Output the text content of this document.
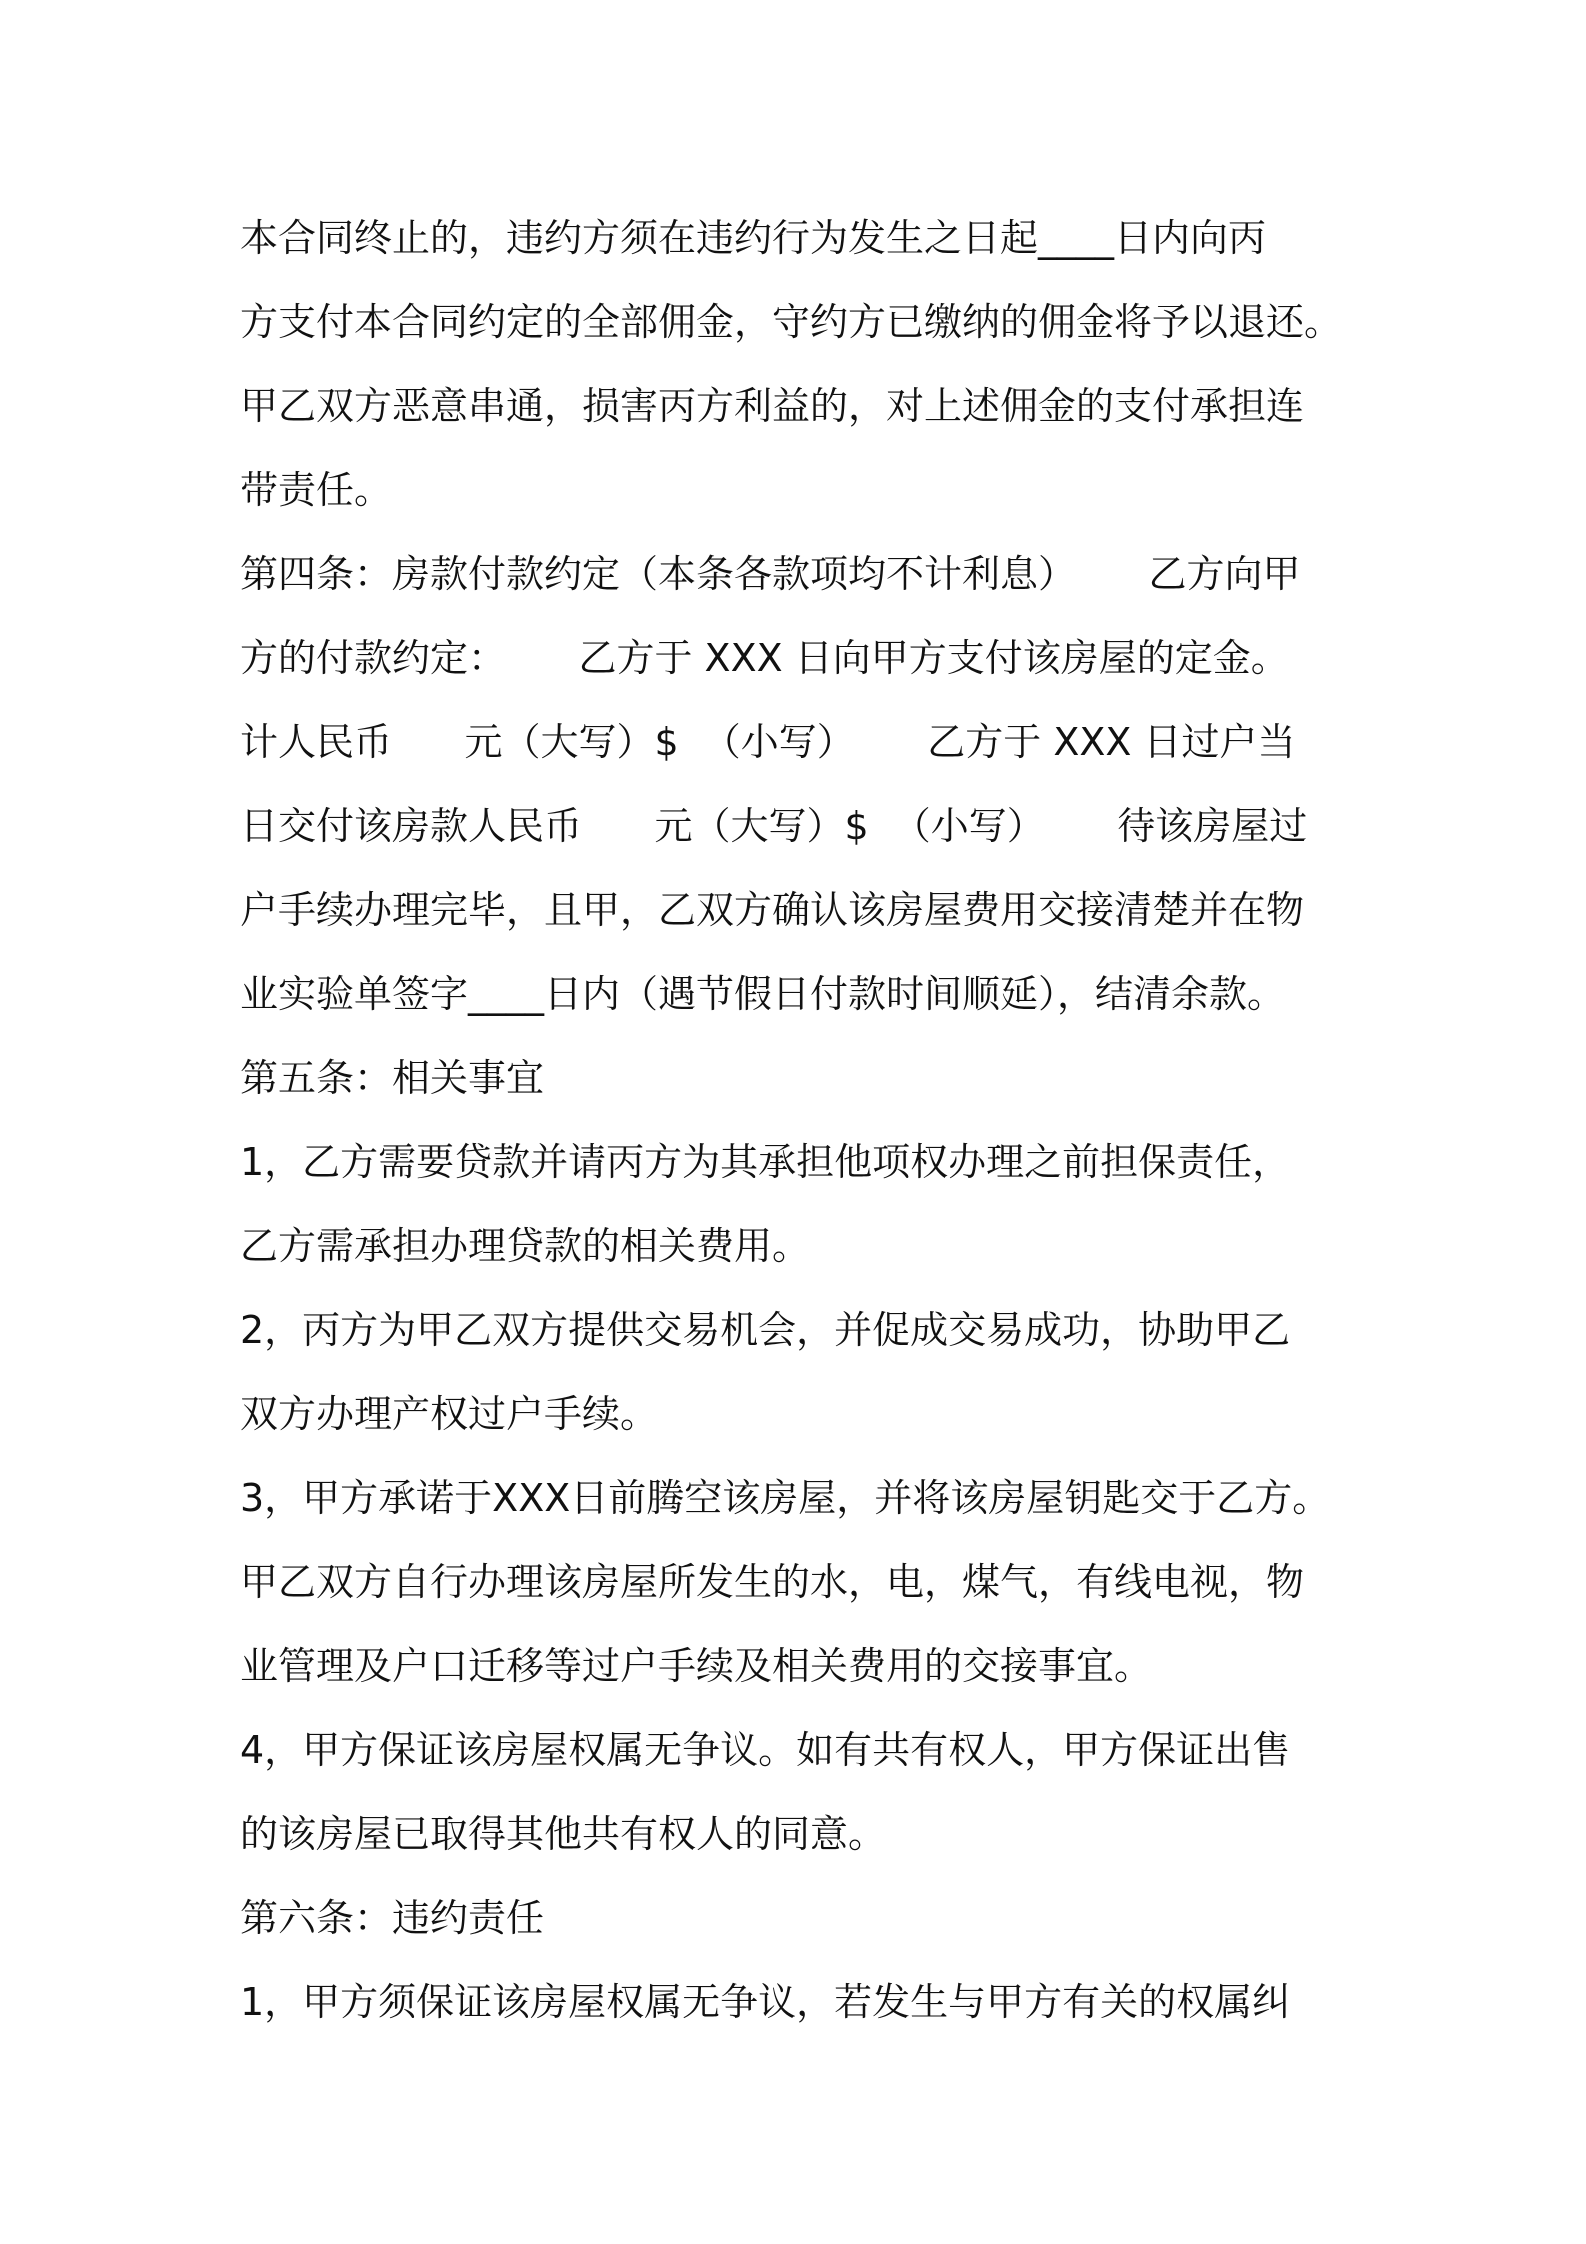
本合同终止的，违约方须在违约行为发生之日起____日内向丙
方支付本合同约定的全部佣金，守约方已缴纳的佣金将予以退还。
甲乙双方恶意串通，损害丙方利益的，对上述佣金的支付承担连
带责任。
第四条：房款付款约定（本条各款项均不计利息）      乙方向甲
方的付款约定：      乙方于 XXX 日向甲方支付该房屋的定金。
计人民币      元（大写）$  （小写）      乙方于 XXX 日过户当
日交付该房款人民币      元（大写）$  （小写）      待该房屋过
户手续办理完毕，且甲，乙双方确认该房屋费用交接清楚并在物
业实验单签字____日内（遇节假日付款时间顺延），结清余款。
第五条：相关事宜
1，乙方需要贷款并请丙方为其承担他项权办理之前担保责任，
乙方需承担办理贷款的相关费用。
2，丙方为甲乙双方提供交易机会，并促成交易成功，协助甲乙
双方办理产权过户手续。
3，甲方承诺于XXX日前腾空该房屋，并将该房屋钥匙交于乙方。
甲乙双方自行办理该房屋所发生的水，电，煤气，有线电视，物
业管理及户口迁移等过户手续及相关费用的交接事宜。
4，甲方保证该房屋权属无争议。如有共有权人，甲方保证出售
的该房屋已取得其他共有权人的同意。
第六条：违约责任
1，甲方须保证该房屋权属无争议，若发生与甲方有关的权属纠
